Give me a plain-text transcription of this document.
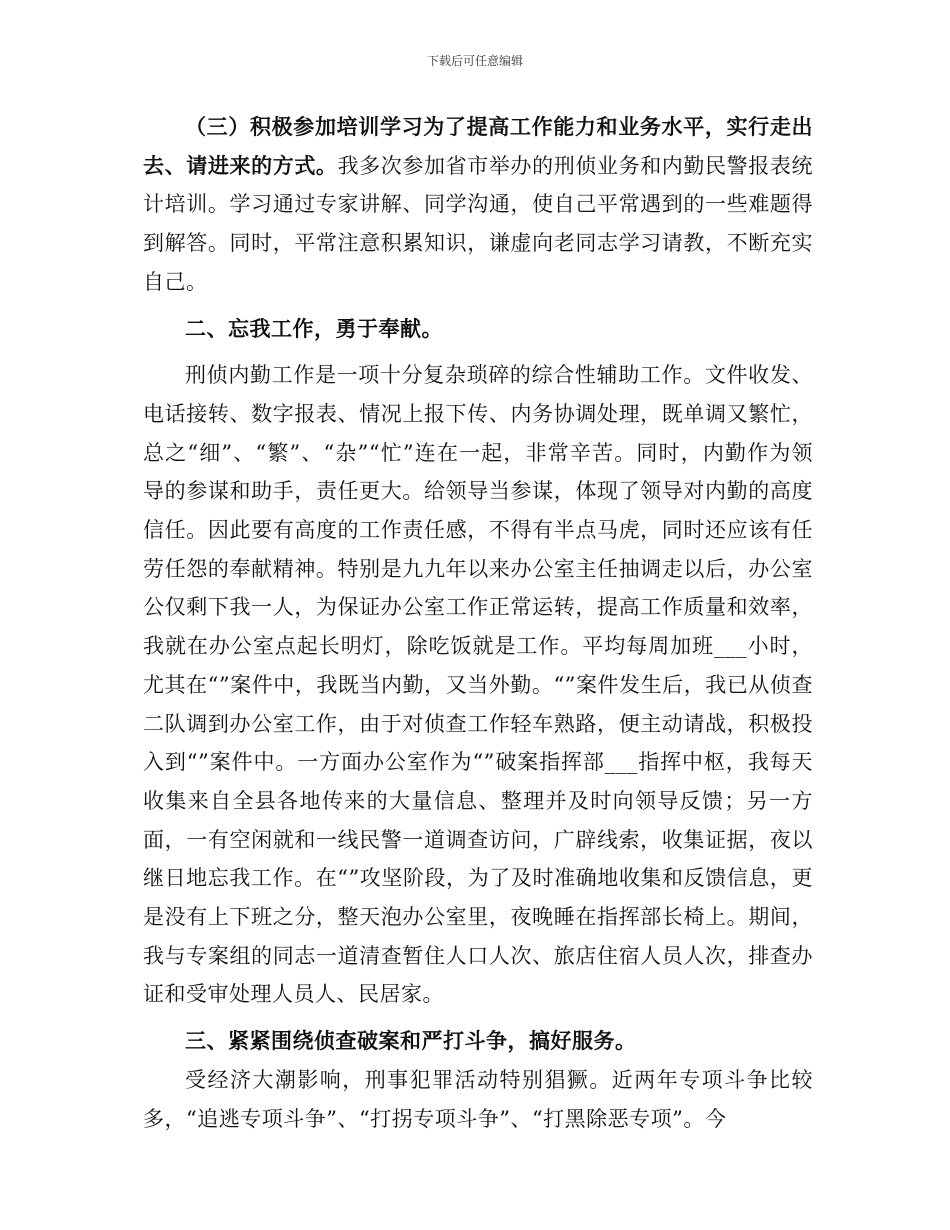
下载后可任意编辑

（三）积极参加培训学习为了提高工作能力和业务水平，实行走出去、请进来的方式。我多次参加省市举办的刑侦业务和内勤民警报表统计培训。学习通过专家讲解、同学沟通，使自己平常遇到的一些难题得到解答。同时，平常注意积累知识，谦虚向老同志学习请教，不断充实自己。

二、忘我工作，勇于奉献。

刑侦内勤工作是一项十分复杂琐碎的综合性辅助工作。文件收发、电话接转、数字报表、情况上报下传、内务协调处理，既单调又繁忙，总之“细”、“繁”、“杂”“忙”连在一起，非常辛苦。同时，内勤作为领导的参谋和助手，责任更大。给领导当参谋，体现了领导对内勤的高度信任。因此要有高度的工作责任感，不得有半点马虎，同时还应该有任劳任怨的奉献精神。特别是九九年以来办公室主任抽调走以后，办公室公仅剩下我一人，为保证办公室工作正常运转，提高工作质量和效率，我就在办公室点起长明灯，除吃饭就是工作。平均每周加班___小时，尤其在“”案件中，我既当内勤，又当外勤。“”案件发生后，我已从侦查二队调到办公室工作，由于对侦查工作轻车熟路，便主动请战，积极投入到“”案件中。一方面办公室作为“”破案指挥部___指挥中枢，我每天收集来自全县各地传来的大量信息、整理并及时向领导反馈；另一方面，一有空闲就和一线民警一道调查访问，广辟线索，收集证据，夜以继日地忘我工作。在“”攻坚阶段，为了及时准确地收集和反馈信息，更是没有上下班之分，整天泡办公室里，夜晚睡在指挥部长椅上。期间，我与专案组的同志一道清查暂住人口人次、旅店住宿人员人次，排查办证和受审处理人员人、民居家。

三、紧紧围绕侦查破案和严打斗争，搞好服务。

受经济大潮影响，刑事犯罪活动特别猖獗。近两年专项斗争比较多，“追逃专项斗争”、“打拐专项斗争”、“打黑除恶专项”。今
